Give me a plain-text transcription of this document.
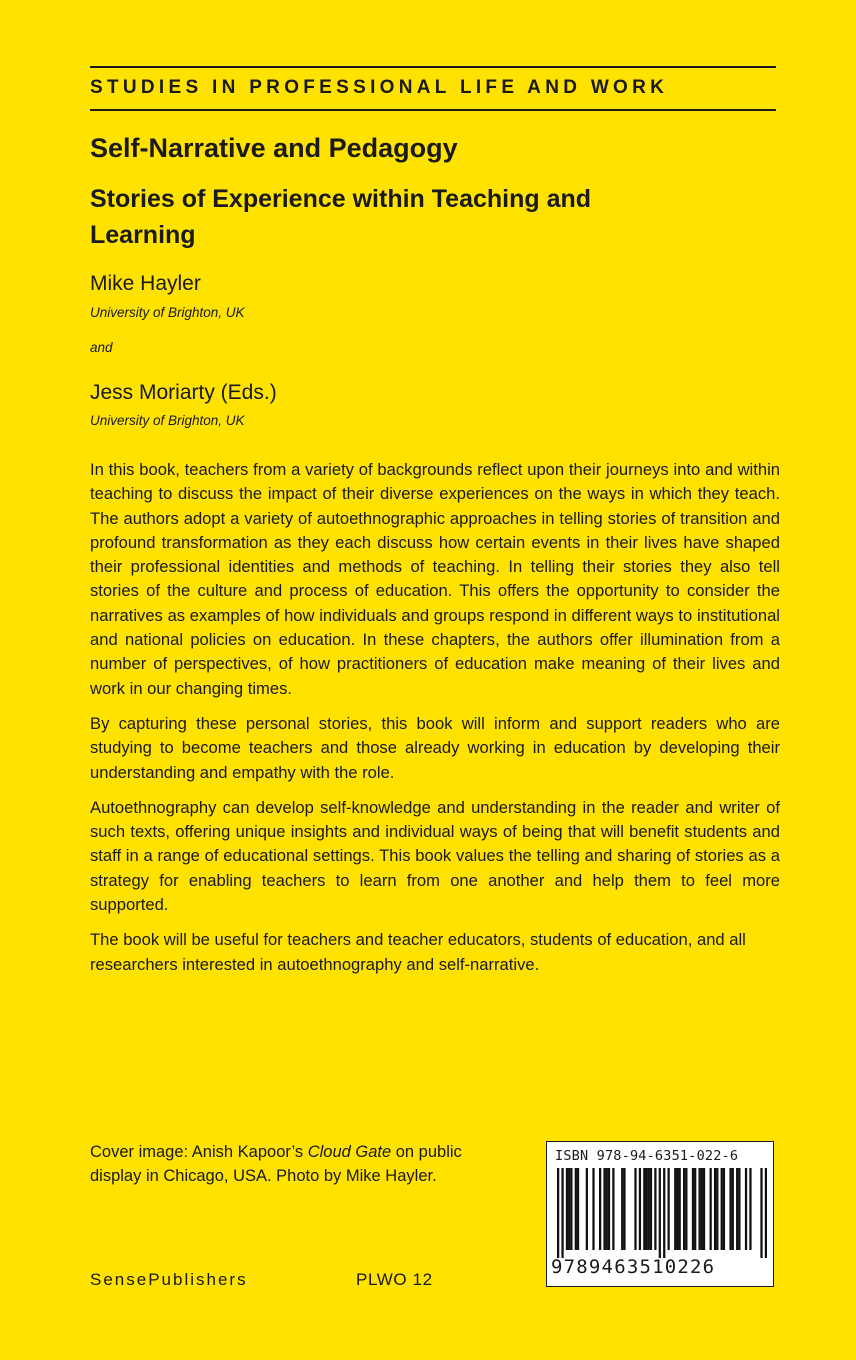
STUDIES IN PROFESSIONAL LIFE AND WORK
Self-Narrative and Pedagogy
Stories of Experience within Teaching and Learning
Mike Hayler
University of Brighton, UK
and
Jess Moriarty (Eds.)
University of Brighton, UK

In this book, teachers from a variety of backgrounds reflect upon their journeys into and within teaching to discuss the impact of their diverse experiences on the ways in which they teach. The authors adopt a variety of autoethnographic approaches in telling stories of transition and profound transformation as they each discuss how certain events in their lives have shaped their professional identities and methods of teaching. In telling their stories they also tell stories of the culture and process of education. This offers the opportunity to consider the narratives as examples of how individuals and groups respond in different ways to institutional and national policies on education. In these chapters, the authors offer illumination from a number of perspectives, of how practitioners of education make meaning of their lives and work in our changing times.

By capturing these personal stories, this book will inform and support readers who are studying to become teachers and those already working in education by developing their understanding and empathy with the role.

Autoethnography can develop self-knowledge and understanding in the reader and writer of such texts, offering unique insights and individual ways of being that will benefit students and staff in a range of educational settings. This book values the telling and sharing of stories as a strategy for enabling teachers to learn from one another and help them to feel more supported.

The book will be useful for teachers and teacher educators, students of education, and all researchers interested in autoethnography and self-narrative.

Cover image: Anish Kapoor’s Cloud Gate on public display in Chicago, USA. Photo by Mike Hayler.
ISBN 978-94-6351-022-6
9789463510226
SensePublishers	PLWO 12
